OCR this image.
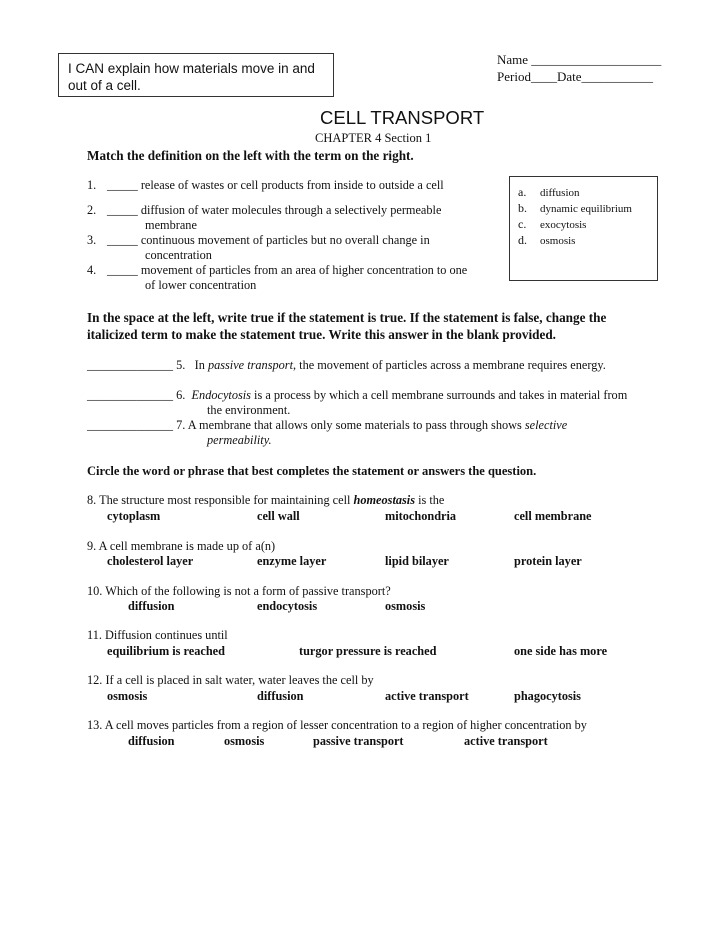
I CAN explain how materials move in and out of a cell.
Name ____________________
Period____Date___________
CELL TRANSPORT
CHAPTER 4 Section 1
Match the definition on the left with the term on the right.
1. _____ release of wastes or cell products from inside to outside a cell
2. _____ diffusion of water molecules through a selectively permeable
membrane
3. _____ continuous movement of particles but no overall change in
concentration
4. _____ movement of particles from an area of higher concentration to one
of lower concentration
a. diffusion
b. dynamic equilibrium
c. exocytosis
d. osmosis
In the space at the left, write true if the statement is true. If the statement is false, change the
italicized term to make the statement true. Write this answer in the blank provided.
______________ 5. In passive transport, the movement of particles across a membrane requires energy.
______________ 6. Endocytosis is a process by which a cell membrane surrounds and takes in material from
the environment.
______________ 7. A membrane that allows only some materials to pass through shows selective
permeability.
Circle the word or phrase that best completes the statement or answers the question.
8. The structure most responsible for maintaining cell homeostasis is the
cytoplasm	cell wall	mitochondria	cell membrane
9. A cell membrane is made up of a(n)
cholesterol layer	enzyme layer	lipid bilayer	protein layer
10. Which of the following is not a form of passive transport?
diffusion	endocytosis	osmosis
11. Diffusion continues until
equilibrium is reached	turgor pressure is reached	one side has more
12. If a cell is placed in salt water, water leaves the cell by
osmosis	diffusion	active transport	phagocytosis
13. A cell moves particles from a region of lesser concentration to a region of higher concentration by
diffusion	osmosis	passive transport	active transport
